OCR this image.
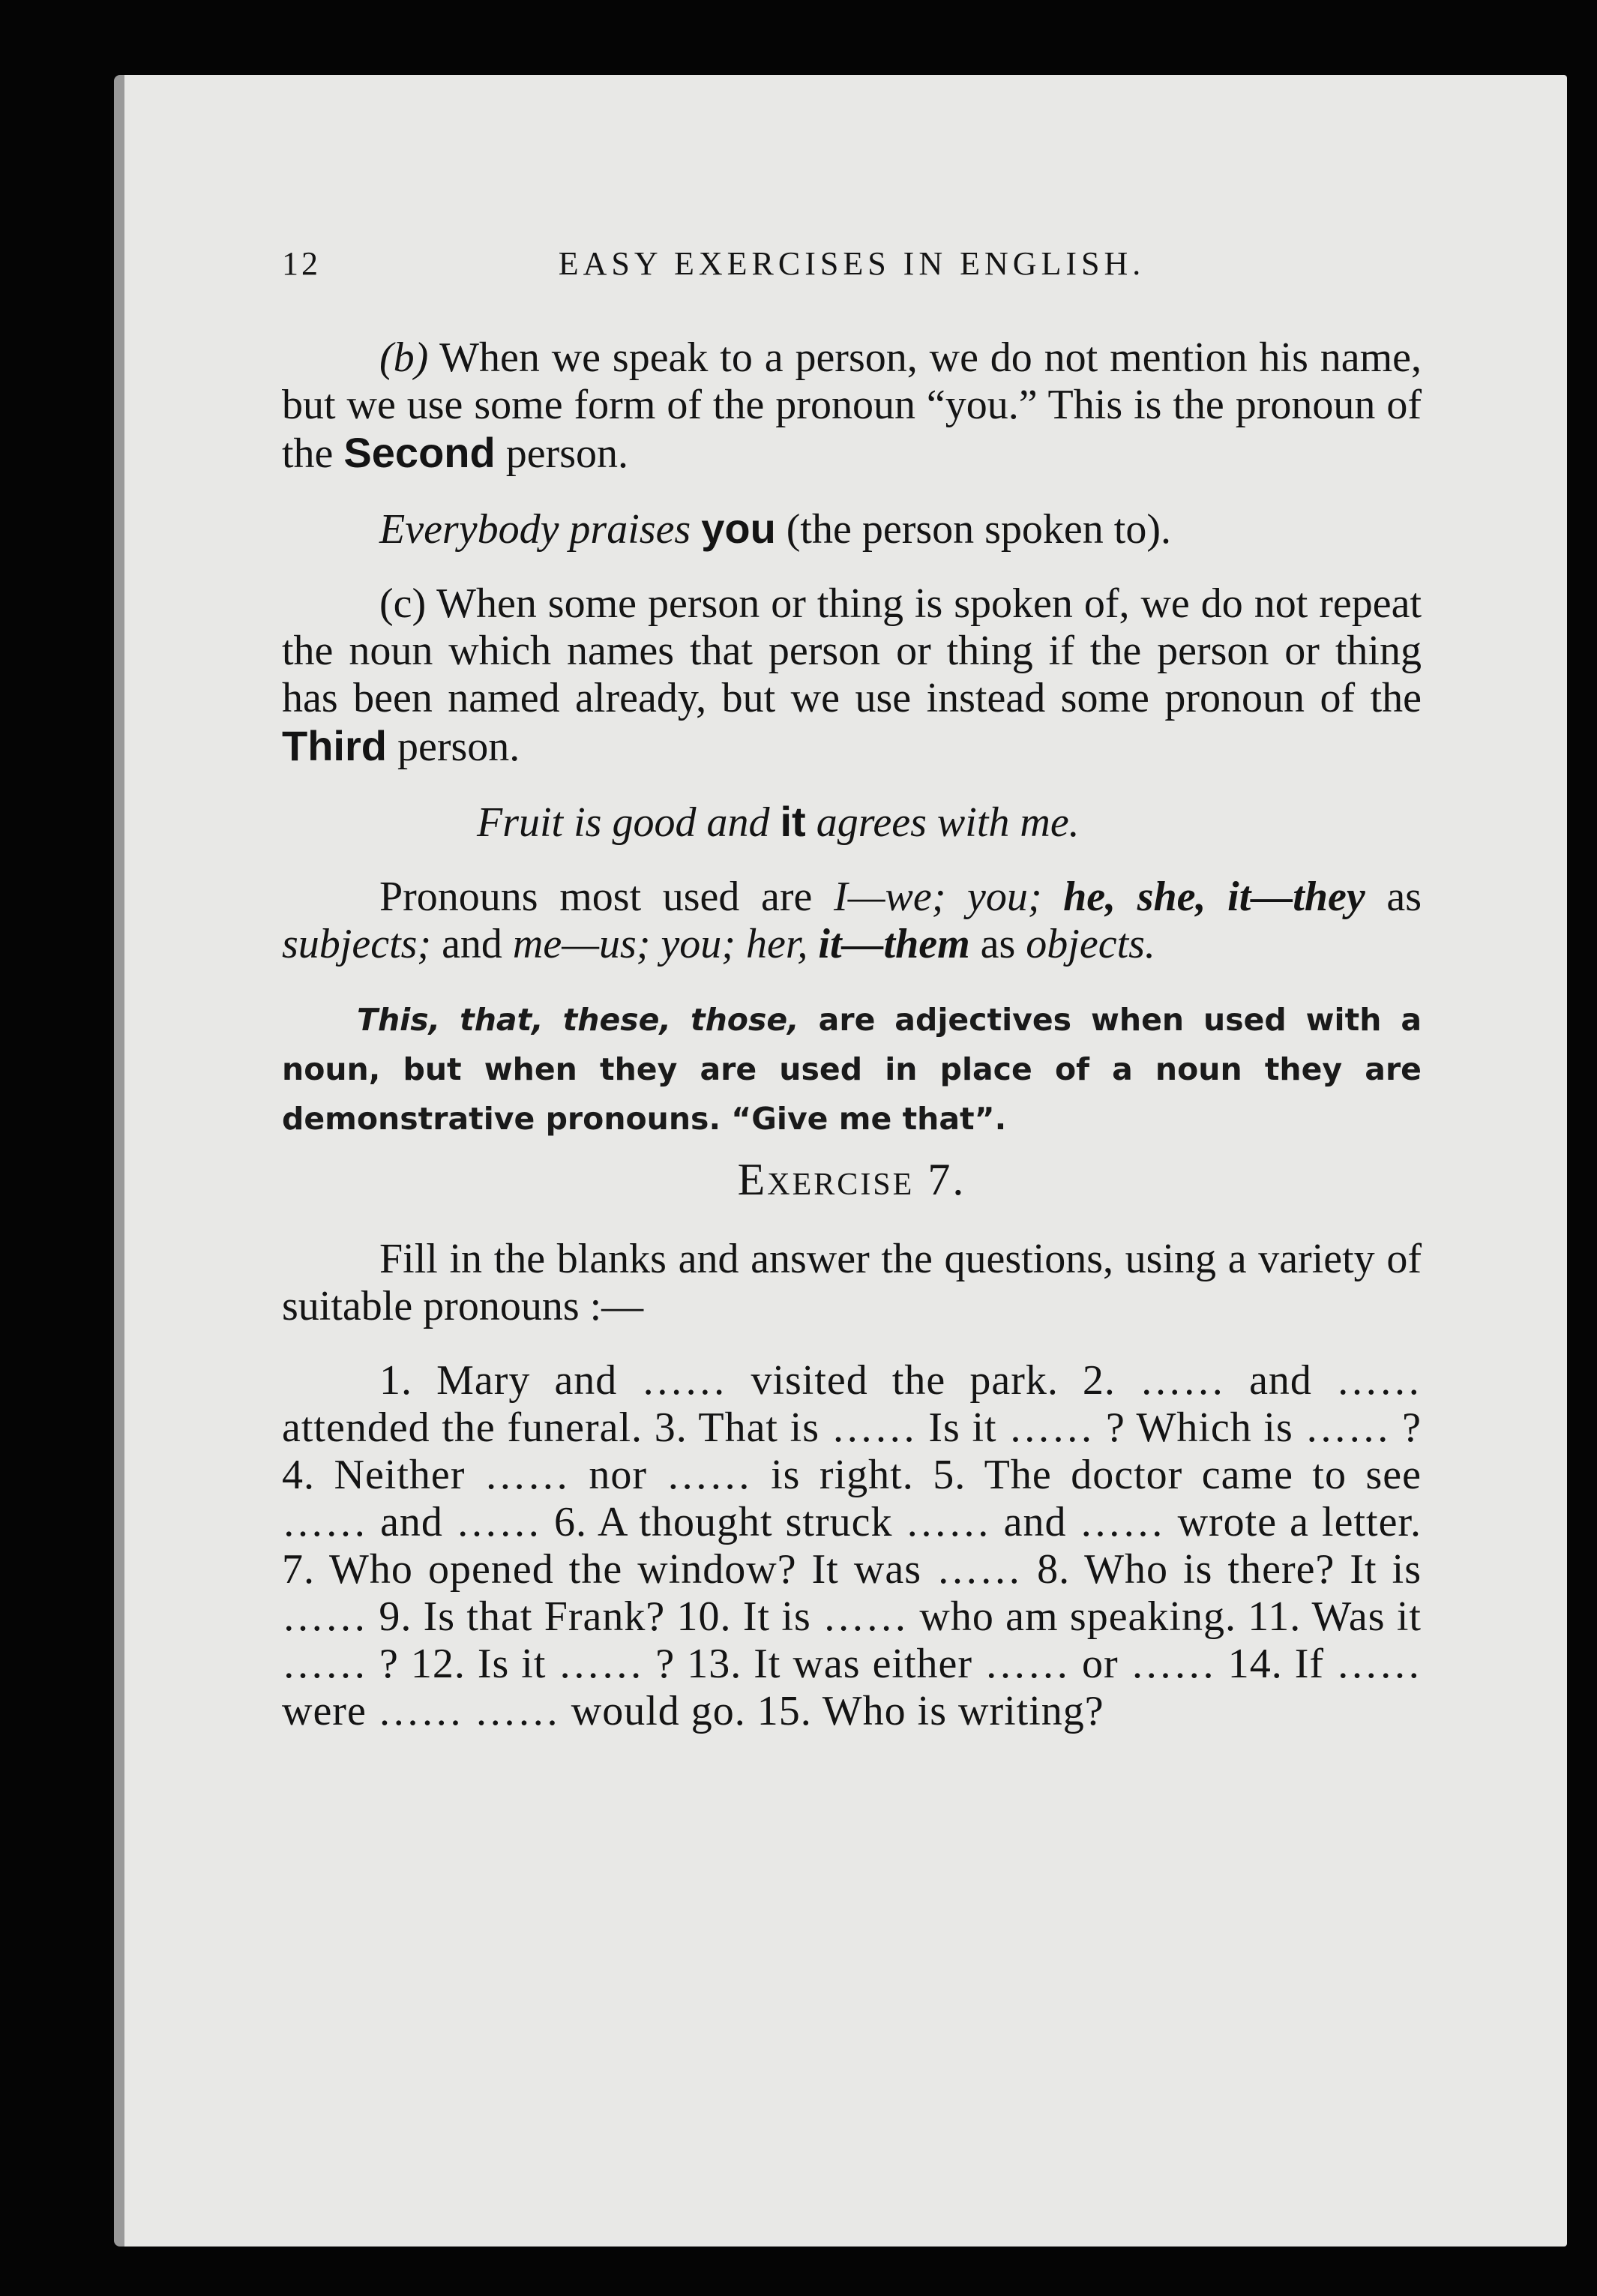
12	EASY EXERCISES IN ENGLISH.

(b) When we speak to a person, we do not mention his name, but we use some form of the pronoun “you.” This is the pronoun of the Second person.

Everybody praises you (the person spoken to).

(c) When some person or thing is spoken of, we do not repeat the noun which names that person or thing if the person or thing has been named already, but we use instead some pronoun of the Third person.

Fruit is good and it agrees with me.

Pronouns most used are I—we; you; he, she, it—they as subjects; and me—us; you; her, it—them as objects.

This, that, these, those, are adjectives when used with a noun, but when they are used in place of a noun they are demonstrative pronouns. “Give me that”.

Exercise 7.

Fill in the blanks and answer the questions, using a variety of suitable pronouns :—

1. Mary and …… visited the park. 2. …… and …… attended the funeral. 3. That is …… Is it …… ? Which is …… ? 4. Neither …… nor …… is right. 5. The doctor came to see …… and …… 6. A thought struck …… and …… wrote a letter. 7. Who opened the window? It was …… 8. Who is there? It is …… 9. Is that Frank? 10. It is …… who am speaking. 11. Was it …… ? 12. Is it …… ? 13. It was either …… or …… 14. If …… were …… …… would go. 15. Who is writing?
